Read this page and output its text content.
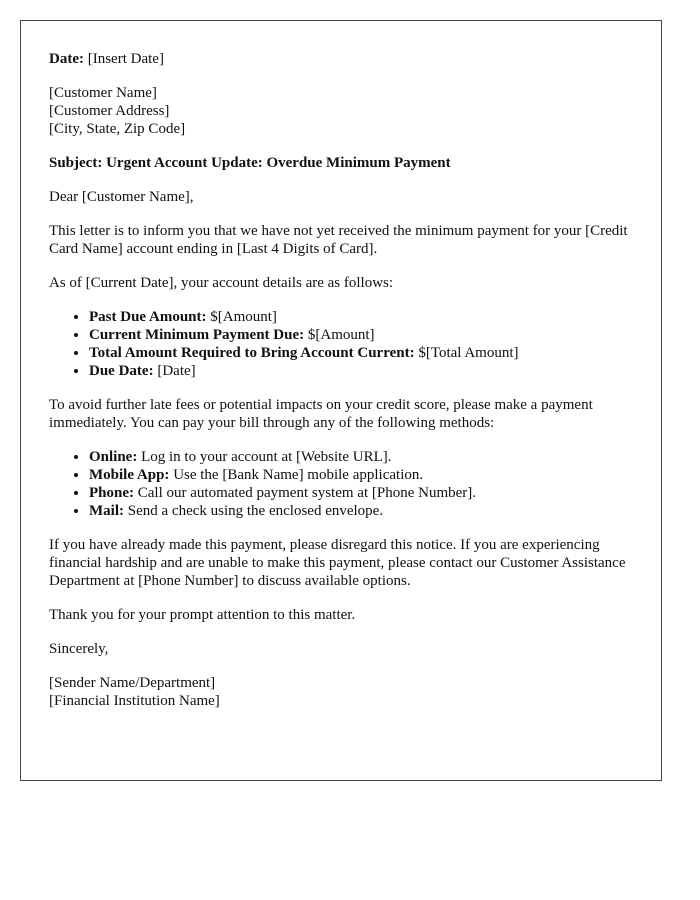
Date: [Insert Date]

[Customer Name]
[Customer Address]
[City, State, Zip Code]

Subject: Urgent Account Update: Overdue Minimum Payment

Dear [Customer Name],

This letter is to inform you that we have not yet received the minimum payment for your [Credit Card Name] account ending in [Last 4 Digits of Card].

As of [Current Date], your account details are as follows:

• Past Due Amount: $[Amount]
• Current Minimum Payment Due: $[Amount]
• Total Amount Required to Bring Account Current: $[Total Amount]
• Due Date: [Date]

To avoid further late fees or potential impacts on your credit score, please make a payment immediately. You can pay your bill through any of the following methods:

• Online: Log in to your account at [Website URL].
• Mobile App: Use the [Bank Name] mobile application.
• Phone: Call our automated payment system at [Phone Number].
• Mail: Send a check using the enclosed envelope.

If you have already made this payment, please disregard this notice. If you are experiencing financial hardship and are unable to make this payment, please contact our Customer Assistance Department at [Phone Number] to discuss available options.

Thank you for your prompt attention to this matter.

Sincerely,

[Sender Name/Department]
[Financial Institution Name]
